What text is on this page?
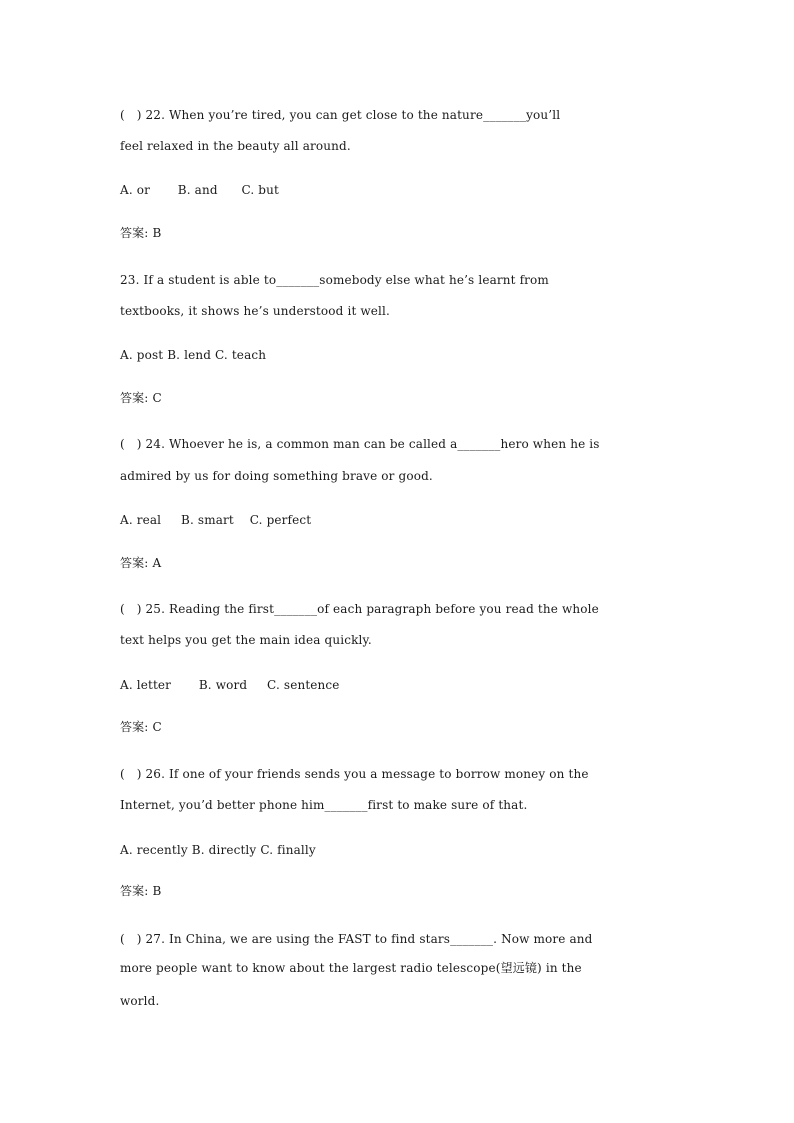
(   ) 22. When you’re tired, you can get close to the nature_______you’ll
feel relaxed in the beauty all around.
A. or       B. and      C. but
答案: B
23. If a student is able to_______somebody else what he’s learnt from
textbooks, it shows he’s understood it well.
A. post B. lend C. teach
答案: C
(   ) 24. Whoever he is, a common man can be called a_______hero when he is
admired by us for doing something brave or good.
A. real     B. smart    C. perfect
答案: A
(   ) 25. Reading the first_______of each paragraph before you read the whole
text helps you get the main idea quickly.
A. letter       B. word     C. sentence
答案: C
(   ) 26. If one of your friends sends you a message to borrow money on the
Internet, you’d better phone him_______first to make sure of that.
A. recently B. directly C. finally
答案: B
(   ) 27. In China, we are using the FAST to find stars_______. Now more and
more people want to know about the largest radio telescope(望远镜) in the
world.
